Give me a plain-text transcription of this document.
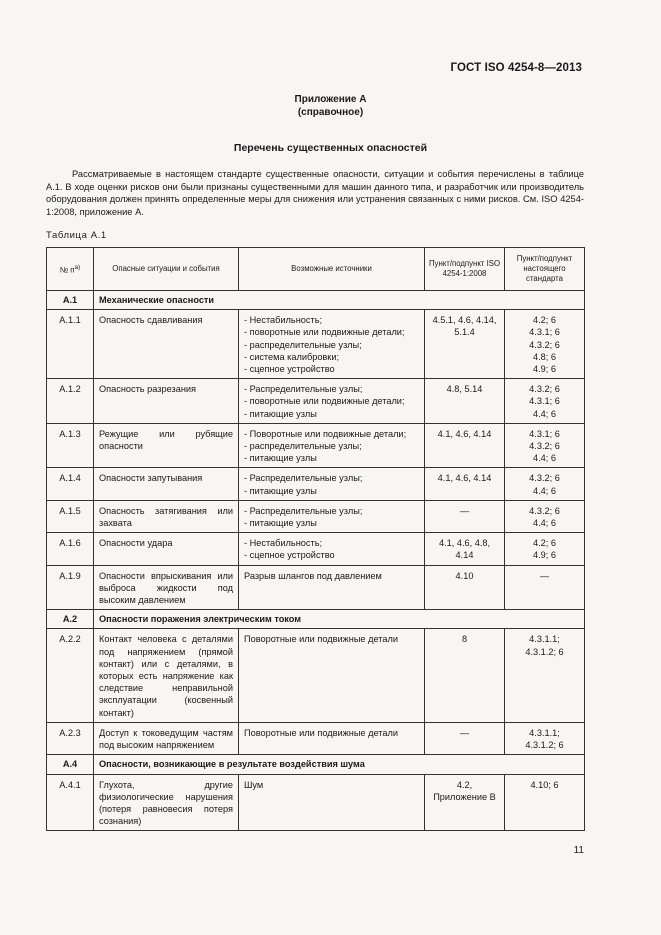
ГОСТ ISO 4254-8—2013
Приложение А
(справочное)
Перечень существенных опасностей

Рассматриваемые в настоящем стандарте существенные опасности, ситуации и события перечислены в таблице А.1. В ходе оценки рисков они были признаны существенными для машин данного типа, и разработчик или производитель оборудования должен принять определенные меры для снижения или устранения связанных с ними рисков. См. ISO 4254-1:2008, приложение А.

Таблица А.1
№ $п^{а)}$	Опасные ситуации и события	Возможные источники	Пункт/подпункт ISO 4254-1:2008	Пункт/подпункт настоящего стандарта
А.1	Механические опасности			
А.1.1	Опасность сдавливания	- Нестабильность;
- поворотные или подвижные детали;
- распределительные узлы;
- система калибровки;
- сцепное устройство	4.5.1, 4.6, 4.14, 5.1.4	4.2; 6
4.3.1; 6
4.3.2; 6
4.8; 6
4.9; 6

А.1.2	Опасность разрезания	- Распределительные узлы;
- поворотные или подвижные детали;
- питающие узлы	4.8, 5.14	4.3.2; 6
4.3.1; 6
4.4; 6

А.1.3	Режущие или рубящие опасности	- Поворотные или подвижные детали;
- распределительные узлы;
- питающие узлы	4.1, 4.6, 4.14	4.3.1; 6
4.3.2; 6
4.4; 6

А.1.4	Опасности запутывания	- Распределительные узлы;
- питающие узлы	4.1, 4.6, 4.14	4.3.2; 6
4.4; 6

А.1.5	Опасность затягивания или захвата	- Распределительные узлы;
- питающие узлы	—	4.3.2; 6
4.4; 6

А.1.6	Опасности удара	- Нестабильность;
- сцепное устройство	4.1, 4.6, 4.8, 4.14	4.2; 6
4.9; 6

А.1.9	Опасности впрыскивания или выброса жидкости под высоким давлением	Разрыв шлангов под давлением	4.10	—

А.2	Опасности поражения электрическим током			
А.2.2	Контакт человека с деталями под напряжением (прямой контакт) или с деталями, в которых есть напряжение как следствие неправильной эксплуатации (косвенный контакт)	Поворотные или подвижные детали	8	4.3.1.1;
4.3.1.2; 6

А.2.3	Доступ к токоведущим частям под высоким напряжением	Поворотные или подвижные детали	—	4.3.1.1;
4.3.1.2; 6

А.4	Опасности, возникающие в результате воздействия шума			
А.4.1	Глухота, другие физиологические нарушения (потеря равновесия потеря сознания)	Шум	4.2, Приложение В	4.10; 6
11
